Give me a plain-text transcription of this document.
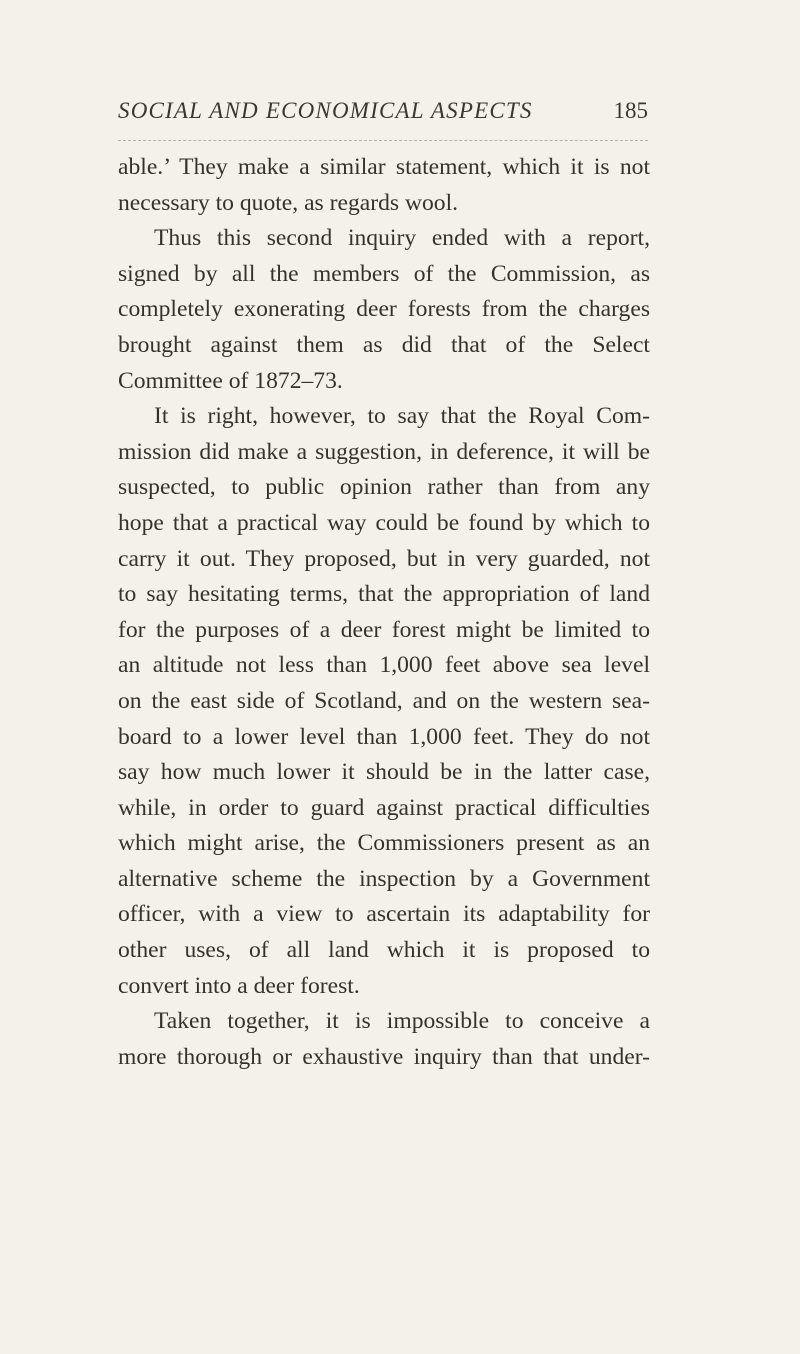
SOCIAL AND ECONOMICAL ASPECTS	185

able.’ They make a similar statement, which it is not

necessary to quote, as regards wool.

Thus this second inquiry ended with a report,

signed by all the members of the Commission, as

completely exonerating deer forests from the charges

brought against them as did that of the Select

Committee of 1872–73.

It is right, however, to say that the Royal Com-

mission did make a suggestion, in deference, it will be

suspected, to public opinion rather than from any

hope that a practical way could be found by which to

carry it out. They proposed, but in very guarded, not

to say hesitating terms, that the appropriation of land

for the purposes of a deer forest might be limited to

an altitude not less than 1,000 feet above sea level

on the east side of Scotland, and on the western sea-

board to a lower level than 1,000 feet. They do not

say how much lower it should be in the latter case,

while, in order to guard against practical difficulties

which might arise, the Commissioners present as an

alternative scheme the inspection by a Government

officer, with a view to ascertain its adaptability for

other uses, of all land which it is proposed to

convert into a deer forest.

Taken together, it is impossible to conceive a

more thorough or exhaustive inquiry than that under-
